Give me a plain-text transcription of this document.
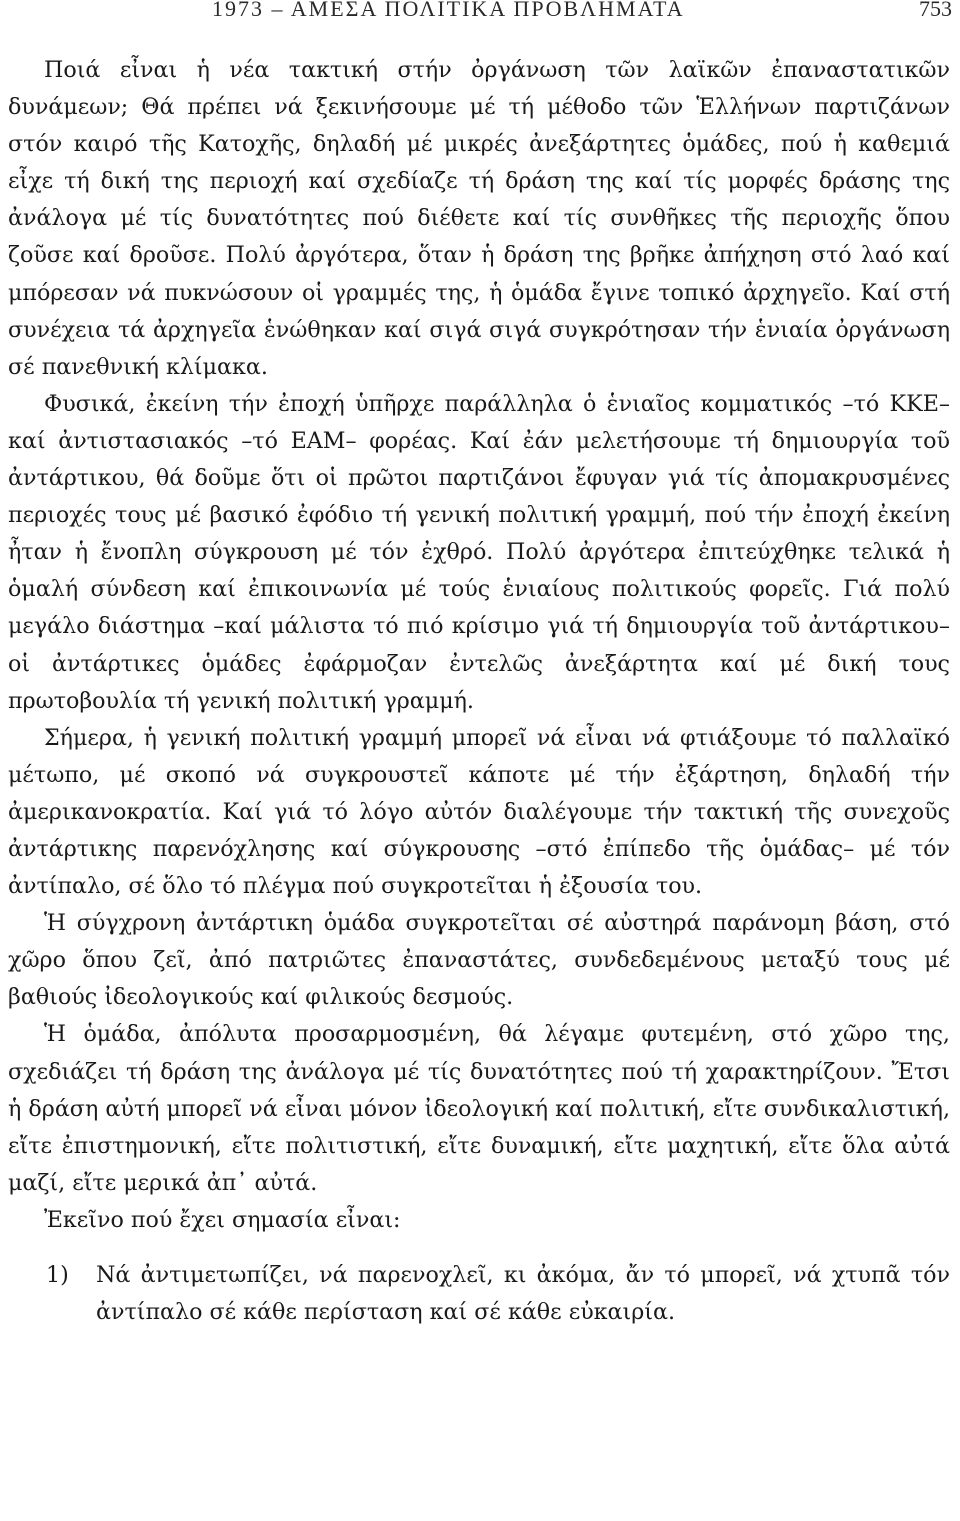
1973 – ΑΜΕΣΑ ΠΟΛΙΤΙΚΑ ΠΡΟΒΛΗΜΑΤΑ	753

Ποιά εἶναι ἡ νέα τακτική στήν ὀργάνωση τῶν λαϊκῶν ἐπαναστατικῶν δυνάμεων; Θά πρέπει νά ξεκινήσουμε μέ τή μέθοδο τῶν Ἑλλήνων παρτιζάνων στόν καιρό τῆς Κατοχῆς, δηλαδή μέ μικρές ἀνεξάρτητες ὁμάδες, πού ἡ καθεμιά εἶχε τή δική της περιοχή καί σχεδίαζε τή δράση της καί τίς μορφές δράσης της ἀνάλογα μέ τίς δυνατότητες πού διέθετε καί τίς συνθῆκες τῆς περιοχῆς ὅπου ζοῦσε καί δροῦσε. Πολύ ἀργότερα, ὅταν ἡ δράση της βρῆκε ἀπήχηση στό λαό καί μπόρεσαν νά πυκνώσουν οἱ γραμμές της, ἡ ὁμάδα ἔγινε τοπικό ἀρχηγεῖο. Καί στή συνέχεια τά ἀρχηγεῖα ἑνώθηκαν καί σιγά σιγά συγκρότησαν τήν ἑνιαία ὀργάνωση σέ πανεθνική κλίμακα.

Φυσικά, ἐκείνη τήν ἐποχή ὑπῆρχε παράλληλα ὁ ἑνιαῖος κομματικός –τό ΚΚΕ– καί ἀντιστασιακός –τό ΕΑΜ– φορέας. Καί ἐάν μελετήσουμε τή δημιουργία τοῦ ἀντάρτικου, θά δοῦμε ὅτι οἱ πρῶτοι παρτιζάνοι ἔφυγαν γιά τίς ἀπομακρυσμένες περιοχές τους μέ βασικό ἐφόδιο τή γενική πολιτική γραμμή, πού τήν ἐποχή ἐκείνη ἦταν ἡ ἔνοπλη σύγκρουση μέ τόν ἐχθρό. Πολύ ἀργότερα ἐπιτεύχθηκε τελικά ἡ ὁμαλή σύνδεση καί ἐπικοινωνία μέ τούς ἑνιαίους πολιτικούς φορεῖς. Γιά πολύ μεγάλο διάστημα –καί μάλιστα τό πιό κρίσιμο γιά τή δημιουργία τοῦ ἀντάρτικου– οἱ ἀντάρτικες ὁμάδες ἐφάρμοζαν ἐντελῶς ἀνεξάρτητα καί μέ δική τους πρωτοβουλία τή γενική πολιτική γραμμή.

Σήμερα, ἡ γενική πολιτική γραμμή μπορεῖ νά εἶναι νά φτιάξουμε τό παλλαϊκό μέτωπο, μέ σκοπό νά συγκρουστεῖ κάποτε μέ τήν ἐξάρτηση, δηλαδή τήν ἀμερικανοκρατία. Καί γιά τό λόγο αὐτόν διαλέγουμε τήν τακτική τῆς συνεχοῦς ἀντάρτικης παρενόχλησης καί σύγκρουσης –στό ἐπίπεδο τῆς ὁμάδας– μέ τόν ἀντίπαλο, σέ ὅλο τό πλέγμα πού συγκροτεῖται ἡ ἐξουσία του.

Ἡ σύγχρονη ἀντάρτικη ὁμάδα συγκροτεῖται σέ αὐστηρά παράνομη βάση, στό χῶρο ὅπου ζεῖ, ἀπό πατριῶτες ἐπαναστάτες, συνδεδεμένους μεταξύ τους μέ βαθιούς ἰδεολογικούς καί φιλικούς δεσμούς.

Ἡ ὁμάδα, ἀπόλυτα προσαρμοσμένη, θά λέγαμε φυτεμένη, στό χῶρο της, σχεδιάζει τή δράση της ἀνάλογα μέ τίς δυνατότητες πού τή χαρακτηρίζουν. Ἔτσι ἡ δράση αὐτή μπορεῖ νά εἶναι μόνον ἰδεολογική καί πολιτική, εἴτε συνδικαλιστική, εἴτε ἐπιστημονική, εἴτε πολιτιστική, εἴτε δυναμική, εἴτε μαχητική, εἴτε ὅλα αὐτά μαζί, εἴτε μερικά ἀπ᾽ αὐτά.

Ἐκεῖνο πού ἔχει σημασία εἶναι:

1)	Νά ἀντιμετωπίζει, νά παρενοχλεῖ, κι ἀκόμα, ἄν τό μπορεῖ, νά χτυπᾶ τόν ἀντίπαλο σέ κάθε περίσταση καί σέ κάθε εὐκαιρία.
